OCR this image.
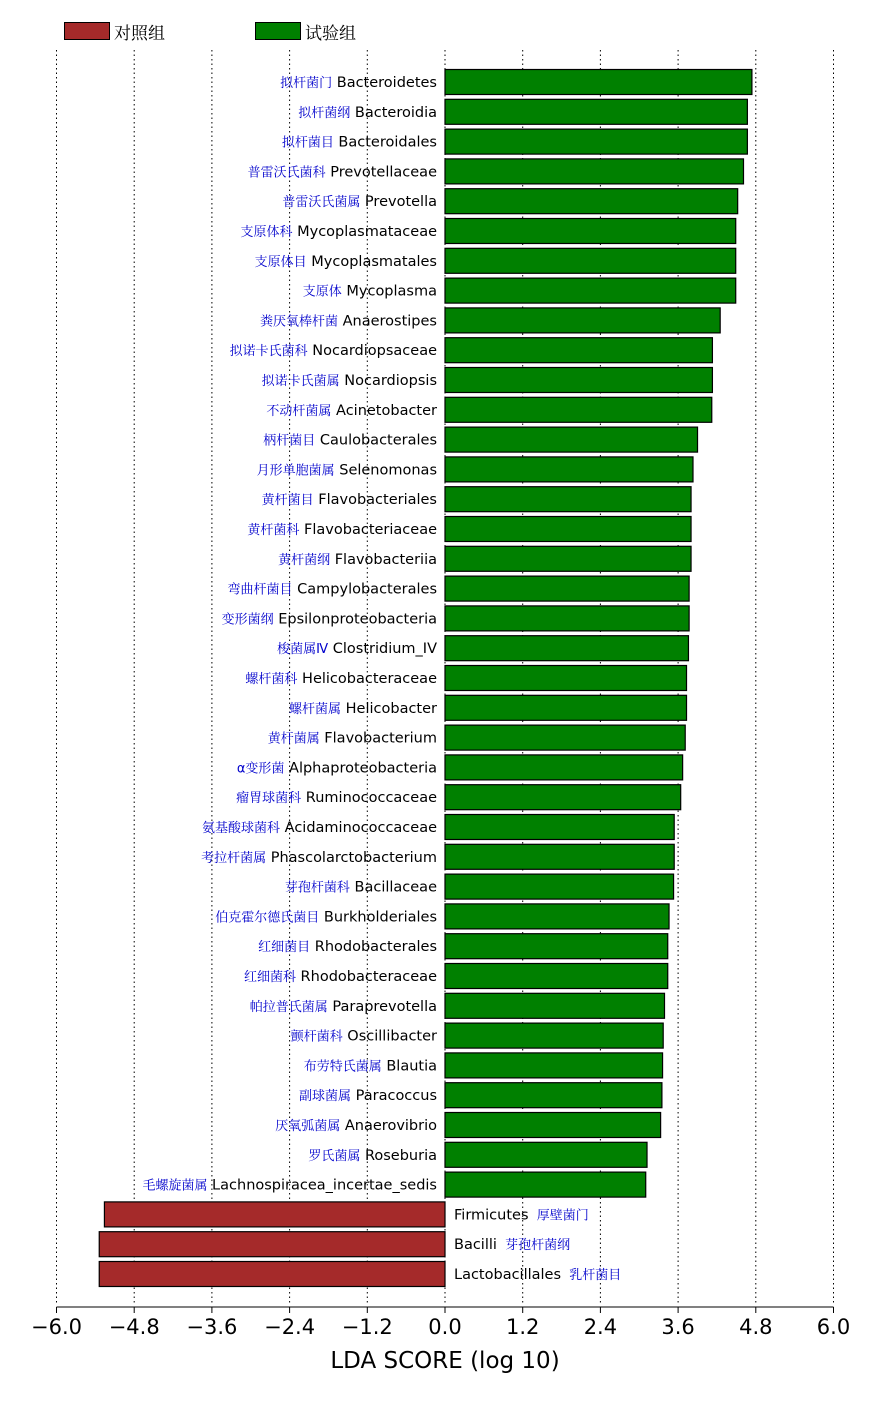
对照组	试验组
拟杆菌门 Bacteroidetes
拟杆菌纲 Bacteroidia
拟杆菌目 Bacteroidales
普雷沃氏菌科 Prevotellaceae
普雷沃氏菌属 Prevotella
支原体科 Mycoplasmataceae
支原体目 Mycoplasmatales
支原体 Mycoplasma
粪厌氧棒杆菌 Anaerostipes
拟诺卡氏菌科 Nocardiopsaceae
拟诺卡氏菌属 Nocardiopsis
不动杆菌属 Acinetobacter
柄杆菌目 Caulobacterales
月形单胞菌属 Selenomonas
黄杆菌目 Flavobacteriales
黄杆菌科 Flavobacteriaceae
黄杆菌纲 Flavobacteriia
弯曲杆菌目 Campylobacterales
变形菌纲 Epsilonproteobacteria
梭菌属Ⅳ Clostridium_IV
螺杆菌科 Helicobacteraceae
螺杆菌属 Helicobacter
黄杆菌属 Flavobacterium
α变形菌 Alphaproteobacteria
瘤胃球菌科 Ruminococcaceae
氨基酸球菌科 Acidaminococcaceae
考拉杆菌属 Phascolarctobacterium
芽孢杆菌科 Bacillaceae
伯克霍尔德氏菌目 Burkholderiales
红细菌目 Rhodobacterales
红细菌科 Rhodobacteraceae
帕拉普氏菌属 Paraprevotella
颤杆菌科 Oscillibacter
布劳特氏菌属 Blautia
副球菌属 Paracoccus
厌氧弧菌属 Anaerovibrio
罗氏菌属 Roseburia
毛螺旋菌属 Lachnospiracea_incertae_sedis
Firmicutes  厚壁菌门
Bacilli  芽孢杆菌纲
Lactobacillales  乳杆菌目
−6.0 −4.8 −3.6 −2.4 −1.2 0.0 1.2 2.4 3.6 4.8 6.0
LDA SCORE (log 10)
